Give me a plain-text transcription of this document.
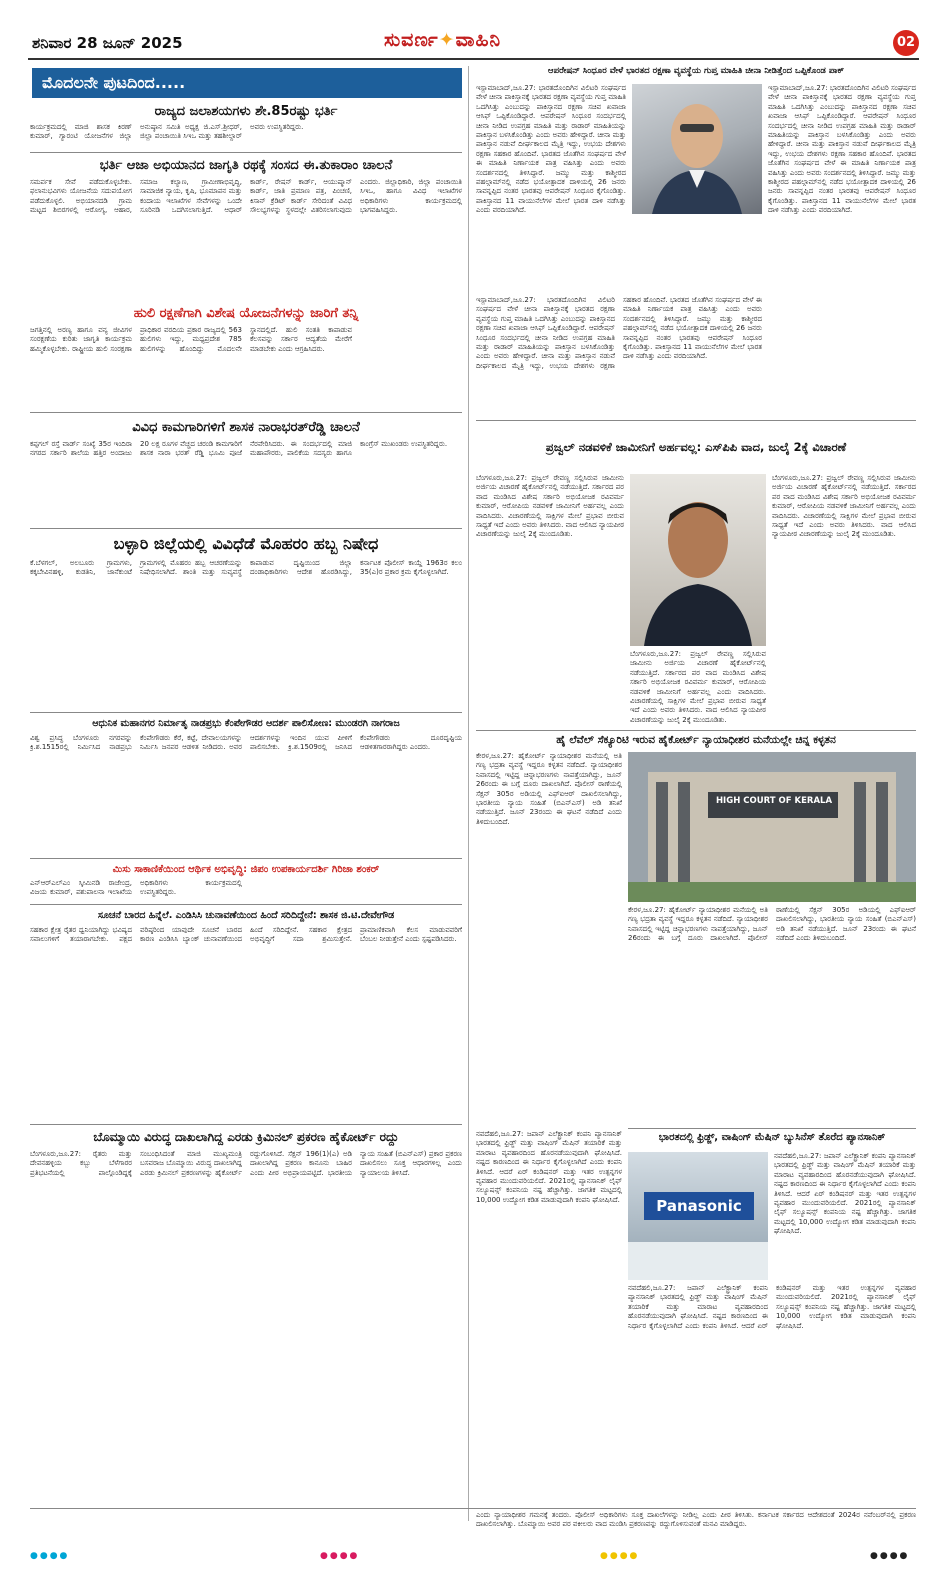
ಶನಿವಾರ 28 ಜೂನ್ 2025	ಸುವರ್ಣ✦ವಾಹಿನಿ	02
ಮೊದಲನೇ ಪುಟದಿಂದ.....
ರಾಜ್ಯದ ಜಲಾಶಯಗಳು ಶೇ.85ರಷ್ಟು ಭರ್ತಿ
ಕಾರ್ಯಕ್ರಮದಲ್ಲಿ ಮಾಜಿ ಶಾಸಕ ಕಿರಣ್ ಕುಮಾರ್, ಗ್ಯಾರಂಟಿ ಯೋಜನೆಗಳ ಜಿಲ್ಲಾ ಅನುಷ್ಠಾನ ಸಮಿತಿ ಅಧ್ಯಕ್ಷ ಜಿ.ಎಸ್.ಶ್ರೀಧರ್, ಜಿಲ್ಲಾ ಪಂಚಾಯಿತಿ ಸಿಇಒ ಮತ್ತು ತಹಶೀಲ್ದಾರ್ ಅವರು ಉಪಸ್ಥಿತರಿದ್ದರು.
ಭರ್ತಿ ಆಜಾ ಅಭಿಯಾನದ ಜಾಗೃತಿ ರಥಕ್ಕೆ ಸಂಸದ ಈ.ತುಕಾರಾಂ ಚಾಲನೆ
ಸಮರ್ಪಕ ಸೇವೆ ಪಡೆದುಕೊಳ್ಳಬೇಕು. ಫಲಾನುಭವಿಗಳು ಯೋಜನೆಯ ಸದುಪಯೋಗ ಪಡೆದುಕೊಳ್ಳಲಿ. ಅಭಿಯಾನದಡಿ ಗ್ರಾಮ ಮಟ್ಟದ ಶಿಬಿರಗಳಲ್ಲಿ ಆರೋಗ್ಯ, ಆಹಾರ, ಸಮಾಜ ಕಲ್ಯಾಣ, ಗ್ರಾಮೀಣಾಭಿವೃದ್ಧಿ, ಸಾಮಾಜಿಕ ನ್ಯಾಯ, ಕೃಷಿ, ಭೂಮಾಪನ ಮತ್ತು ಕಂದಾಯ ಇಲಾಖೆಗಳ ಸೇವೆಗಳನ್ನು ಒಂದೇ ಸೂರಿನಡಿ ಒದಗಿಸಲಾಗುತ್ತಿದೆ. ಆಧಾರ್ ಕಾರ್ಡ್, ರೇಷನ್ ಕಾರ್ಡ್, ಆಯುಷ್ಮಾನ್ ಕಾರ್ಡ್, ಜಾತಿ ಪ್ರಮಾಣ ಪತ್ರ, ಪಿಂಚಣಿ, ಕಿಸಾನ್ ಕ್ರೆಡಿಟ್ ಕಾರ್ಡ್ ಸೇರಿದಂತೆ ವಿವಿಧ ಸೌಲಭ್ಯಗಳನ್ನು ಸ್ಥಳದಲ್ಲೇ ವಿತರಿಸಲಾಗುವುದು ಎಂದರು. ಜಿಲ್ಲಾಧಿಕಾರಿ, ಜಿಲ್ಲಾ ಪಂಚಾಯಿತಿ ಸಿಇಒ, ಹಾಗೂ ವಿವಿಧ ಇಲಾಖೆಗಳ ಅಧಿಕಾರಿಗಳು ಕಾರ್ಯಕ್ರಮದಲ್ಲಿ ಭಾಗವಹಿಸಿದ್ದರು.
ಹುಲಿ ರಕ್ಷಣೆಗಾಗಿ ವಿಶೇಷ ಯೋಜನೆಗಳನ್ನು ಜಾರಿಗೆ ತನ್ನಿ
ಜಗತ್ತಿನಲ್ಲಿ ಅರಣ್ಯ ಹಾಗೂ ವನ್ಯ ಜೀವಿಗಳ ಸಂರಕ್ಷಣೆಯ ಕುರಿತು ಜಾಗೃತಿ ಕಾರ್ಯಕ್ರಮ ಹಮ್ಮಿಕೊಳ್ಳಬೇಕು. ರಾಷ್ಟ್ರೀಯ ಹುಲಿ ಸಂರಕ್ಷಣಾ ಪ್ರಾಧಿಕಾರ ವರದಿಯ ಪ್ರಕಾರ ರಾಜ್ಯದಲ್ಲಿ 563 ಹುಲಿಗಳು ಇದ್ದು, ಮಧ್ಯಪ್ರದೇಶ 785 ಹುಲಿಗಳನ್ನು ಹೊಂದಿದ್ದು ಮೊದಲನೇ ಸ್ಥಾನದಲ್ಲಿದೆ. ಹುಲಿ ಸಂತತಿ ಕಾಪಾಡುವ ಕೆಲಸವನ್ನು ಸರ್ಕಾರ ಆದ್ಯತೆಯ ಮೇರೆಗೆ ಮಾಡಬೇಕು ಎಂದು ಆಗ್ರಹಿಸಿದರು.
ವಿವಿಧ ಕಾಮಗಾರಿಗಳಿಗೆ ಶಾಸಕ ನಾರಾಭರತ್‌ರೆಡ್ಡಿ ಚಾಲನೆ
ಕಪ್ಪಗಲ್ ರಸ್ತೆ ವಾರ್ಡ್ ಸಂಖ್ಯೆ 35ರ ಇಂದಿರಾ ನಗರದ ಸರ್ಕಾರಿ ಶಾಲೆಯ ಹತ್ತಿರ ಅಂದಾಜು 20 ಲಕ್ಷ ರೂಗಳ ವೆಚ್ಚದ ಚರಂಡಿ ಕಾಮಗಾರಿಗೆ ಶಾಸಕ ನಾರಾ ಭರತ್ ರೆಡ್ಡಿ ಭೂಮಿ ಪೂಜೆ ನೆರವೇರಿಸಿದರು. ಈ ಸಂದರ್ಭದಲ್ಲಿ ಮಾಜಿ ಮಹಾಪೌರರು, ಪಾಲಿಕೆಯ ಸದಸ್ಯರು ಹಾಗೂ ಕಾಂಗ್ರೆಸ್ ಮುಖಂಡರು ಉಪಸ್ಥಿತರಿದ್ದರು.
ಬಳ್ಳಾರಿ ಜಿಲ್ಲೆಯಲ್ಲಿ ವಿವಿಧೆಡೆ ಮೊಹರಂ ಹಬ್ಬ ನಿಷೇಧ
ಕೆ.ಬೆಳಗಲ್, ಅಲಬೂರು ಗ್ರಾಮಗಳು, ಕಕ್ಕಬೇವಿನಹಳ್ಳಿ, ಕುಡತಿನಿ, ಜಾನೆಕುಂಟೆ ಗ್ರಾಮಗಳಲ್ಲಿ ಮೊಹರಂ ಹಬ್ಬ ಆಚರಣೆಯನ್ನು ನಿಷೇಧಿಸಲಾಗಿದೆ. ಶಾಂತಿ ಮತ್ತು ಸುವ್ಯವಸ್ಥೆ ಕಾಪಾಡುವ ದೃಷ್ಟಿಯಿಂದ ಜಿಲ್ಲಾ ದಂಡಾಧಿಕಾರಿಗಳು ಆದೇಶ ಹೊರಡಿಸಿದ್ದು, ಕರ್ನಾಟಕ ಪೊಲೀಸ್ ಕಾಯ್ದೆ 1963ರ ಕಲಂ 35(ಎ)ರ ಪ್ರಕಾರ ಕ್ರಮ ಕೈಗೊಳ್ಳಲಾಗಿದೆ.
ಆಧುನಿಕ ಮಹಾನಗರ ನಿರ್ಮಾತೃ ನಾಡಪ್ರಭು ಕೆಂಪೇಗೌಡರ ಆದರ್ಶ ಪಾಲಿಸೋಣ: ಮುಂಡರಗಿ ನಾಗರಾಜ
ವಿಶ್ವ ಪ್ರಸಿದ್ಧ ಬೆಂಗಳೂರು ನಗರವನ್ನು ಕ್ರಿ.ಶ.1515ರಲ್ಲಿ ನಿರ್ಮಿಸಿದ ನಾಡಪ್ರಭು ಕೆಂಪೇಗೌಡರು ಕೆರೆ, ಕಟ್ಟೆ, ದೇವಾಲಯಗಳನ್ನು ನಿರ್ಮಿಸಿ ಜನಪರ ಆಡಳಿತ ನೀಡಿದರು. ಅವರ ಆದರ್ಶಗಳನ್ನು ಇಂದಿನ ಯುವ ಪೀಳಿಗೆ ಪಾಲಿಸಬೇಕು. ಕ್ರಿ.ಶ.1509ರಲ್ಲಿ ಜನಿಸಿದ ಕೆಂಪೇಗೌಡರು ದೂರದೃಷ್ಟಿಯ ಆಡಳಿತಗಾರರಾಗಿದ್ದರು ಎಂದರು.
ಮಿಸು ಸಾಕಾಣಿಕೆಯಿಂದ ಆರ್ಥಿಕ ಅಭಿವೃದ್ಧಿ: ಜಿಪಂ ಉಪಕಾರ್ಯದರ್ಶಿ ಗಿರಿಜಾ ಶಂಕರ್
ಎನ್‌ಆರ್‌ಎಲ್‌ಎಂ ಸ್ಕೀಮಿನಡಿ ರಾಜೇಂದ್ರ, ವಿಜಯ ಕುಮಾರ್, ಪಶುಪಾಲನಾ ಇಲಾಖೆಯ ಅಧಿಕಾರಿಗಳು ಕಾರ್ಯಕ್ರಮದಲ್ಲಿ ಉಪಸ್ಥಿತರಿದ್ದರು.
ಸೂಚನೆ ಬಾರದ ಹಿನ್ನೆಲೆ. ಎಂಡಿಸಿಸಿ ಚುನಾವಣೆಯಿಂದ ಹಿಂದೆ ಸರಿದಿದ್ದೇನೆ: ಶಾಸಕ ಜಿ.ಟಿ.ದೇವೇಗೌಡ
ಸಹಕಾರ ಕ್ಷೇತ್ರ ರೈತರ ಧ್ವನಿಯಾಗಿದ್ದು ಭವಿಷ್ಯದ ಸವಾಲುಗಳಿಗೆ ತಯಾರಾಗಬೇಕು. ಪಕ್ಷದ ವರಿಷ್ಠರಿಂದ ಯಾವುದೇ ಸೂಚನೆ ಬಾರದ ಕಾರಣ ಎಂಡಿಸಿಸಿ ಬ್ಯಾಂಕ್ ಚುನಾವಣೆಯಿಂದ ಹಿಂದೆ ಸರಿದಿದ್ದೇನೆ. ಸಹಕಾರ ಕ್ಷೇತ್ರದ ಅಭಿವೃದ್ಧಿಗೆ ಸದಾ ಶ್ರಮಿಸುತ್ತೇನೆ. ಪ್ರಾಮಾಣಿಕವಾಗಿ ಕೆಲಸ ಮಾಡುವವರಿಗೆ ಬೆಂಬಲ ನೀಡುತ್ತೇನೆ ಎಂದು ಸ್ಪಷ್ಟಪಡಿಸಿದರು.
ಬೊಮ್ಮಾಯಿ ವಿರುದ್ಧ ದಾಖಲಾಗಿದ್ದ ಎರಡು ಕ್ರಿಮಿನಲ್ ಪ್ರಕರಣ ಹೈಕೋರ್ಟ್ ರದ್ದು
ಬೆಂಗಳೂರು,ಜೂ.27: ರೈತರು ಮತ್ತು ದೇವನಹಳ್ಳಿಯ ಕಬ್ಬು ಬೆಳೆಗಾರರ ಪ್ರತಿಭಟನೆಯಲ್ಲಿ ಪಾಲ್ಗೊಂಡಿದ್ದಕ್ಕೆ ಸಂಬಂಧಿಸಿದಂತೆ ಮಾಜಿ ಮುಖ್ಯಮಂತ್ರಿ ಬಸವರಾಜ ಬೊಮ್ಮಾಯಿ ವಿರುದ್ಧ ದಾಖಲಾಗಿದ್ದ ಎರಡು ಕ್ರಿಮಿನಲ್ ಪ್ರಕರಣಗಳನ್ನು ಹೈಕೋರ್ಟ್ ರದ್ದುಗೊಳಿಸಿದೆ. ಸೆಕ್ಷನ್ 196(1)(ಎ) ಅಡಿ ದಾಖಲಾಗಿದ್ದ ಪ್ರಕರಣ ಕಾನೂನು ಬಾಹಿರ ಎಂದು ಪೀಠ ಅಭಿಪ್ರಾಯಪಟ್ಟಿದೆ. ಭಾರತೀಯ ನ್ಯಾಯ ಸಂಹಿತೆ (ಬಿಎನ್‌ಎಸ್) ಪ್ರಕಾರ ಪ್ರಕರಣ ದಾಖಲಿಸಲು ಸೂಕ್ತ ಆಧಾರಗಳಿಲ್ಲ ಎಂದು ನ್ಯಾಯಾಲಯ ತಿಳಿಸಿದೆ.
ಆಪರೇಷನ್ ಸಿಂಧೂರ ವೇಳೆ ಭಾರತದ ರಕ್ಷಣಾ ವ್ಯವಸ್ಥೆಯ ಗುಪ್ತ ಮಾಹಿತಿ ಚೀನಾ ನೀಡಿತ್ತೆಂದ ಒಪ್ಪಿಕೊಂಡ ಪಾಕ್
ಇಸ್ಲಾಮಾಬಾದ್,ಜೂ.27: ಭಾರತದೊಂದಿಗಿನ ವಿಲಿಟರಿ ಸಂಘರ್ಷದ ವೇಳೆ ಚೀನಾ ಪಾಕಿಸ್ತಾನಕ್ಕೆ ಭಾರತದ ರಕ್ಷಣಾ ವ್ಯವಸ್ಥೆಯ ಗುಪ್ತ ಮಾಹಿತಿ ಒದಗಿಸಿತ್ತು ಎಂಬುದನ್ನು ಪಾಕಿಸ್ತಾನದ ರಕ್ಷಣಾ ಸಚಿವ ಖವಾಜಾ ಆಸಿಫ್ ಒಪ್ಪಿಕೊಂಡಿದ್ದಾರೆ. ಆಪರೇಷನ್ ಸಿಂಧೂರ ಸಂದರ್ಭದಲ್ಲಿ ಚೀನಾ ನೀಡಿದ ಉಪಗ್ರಹ ಮಾಹಿತಿ ಮತ್ತು ರಾಡಾರ್ ಮಾಹಿತಿಯನ್ನು ಪಾಕಿಸ್ತಾನ ಬಳಸಿಕೊಂಡಿತ್ತು ಎಂದು ಅವರು ಹೇಳಿದ್ದಾರೆ. ಚೀನಾ ಮತ್ತು ಪಾಕಿಸ್ತಾನ ನಡುವೆ ದೀರ್ಘಕಾಲದ ಮೈತ್ರಿ ಇದ್ದು, ಉಭಯ ದೇಶಗಳು ರಕ್ಷಣಾ ಸಹಕಾರ ಹೊಂದಿವೆ. ಭಾರತದ ಜೊತೆಗಿನ ಸಂಘರ್ಷದ ವೇಳೆ ಈ ಮಾಹಿತಿ ನಿರ್ಣಾಯಕ ಪಾತ್ರ ವಹಿಸಿತ್ತು ಎಂದು ಅವರು ಸಂದರ್ಶನದಲ್ಲಿ ತಿಳಿಸಿದ್ದಾರೆ. ಜಮ್ಮು ಮತ್ತು ಕಾಶ್ಮೀರದ ಪಹಲ್ಗಾಮ್‌ನಲ್ಲಿ ನಡೆದ ಭಯೋತ್ಪಾದಕ ದಾಳಿಯಲ್ಲಿ 26 ಜನರು ಸಾವನ್ನಪ್ಪಿದ ನಂತರ ಭಾರತವು ಆಪರೇಷನ್ ಸಿಂಧೂರ ಕೈಗೊಂಡಿತ್ತು. ಪಾಕಿಸ್ತಾನದ 11 ವಾಯುನೆಲೆಗಳ ಮೇಲೆ ಭಾರತ ದಾಳಿ ನಡೆಸಿತ್ತು ಎಂದು ವರದಿಯಾಗಿದೆ.
ಇಸ್ಲಾಮಾಬಾದ್,ಜೂ.27: ಭಾರತದೊಂದಿಗಿನ ವಿಲಿಟರಿ ಸಂಘರ್ಷದ ವೇಳೆ ಚೀನಾ ಪಾಕಿಸ್ತಾನಕ್ಕೆ ಭಾರತದ ರಕ್ಷಣಾ ವ್ಯವಸ್ಥೆಯ ಗುಪ್ತ ಮಾಹಿತಿ ಒದಗಿಸಿತ್ತು ಎಂಬುದನ್ನು ಪಾಕಿಸ್ತಾನದ ರಕ್ಷಣಾ ಸಚಿವ ಖವಾಜಾ ಆಸಿಫ್ ಒಪ್ಪಿಕೊಂಡಿದ್ದಾರೆ. ಆಪರೇಷನ್ ಸಿಂಧೂರ ಸಂದರ್ಭದಲ್ಲಿ ಚೀನಾ ನೀಡಿದ ಉಪಗ್ರಹ ಮಾಹಿತಿ ಮತ್ತು ರಾಡಾರ್ ಮಾಹಿತಿಯನ್ನು ಪಾಕಿಸ್ತಾನ ಬಳಸಿಕೊಂಡಿತ್ತು ಎಂದು ಅವರು ಹೇಳಿದ್ದಾರೆ. ಚೀನಾ ಮತ್ತು ಪಾಕಿಸ್ತಾನ ನಡುವೆ ದೀರ್ಘಕಾಲದ ಮೈತ್ರಿ ಇದ್ದು, ಉಭಯ ದೇಶಗಳು ರಕ್ಷಣಾ ಸಹಕಾರ ಹೊಂದಿವೆ. ಭಾರತದ ಜೊತೆಗಿನ ಸಂಘರ್ಷದ ವೇಳೆ ಈ ಮಾಹಿತಿ ನಿರ್ಣಾಯಕ ಪಾತ್ರ ವಹಿಸಿತ್ತು ಎಂದು ಅವರು ಸಂದರ್ಶನದಲ್ಲಿ ತಿಳಿಸಿದ್ದಾರೆ. ಜಮ್ಮು ಮತ್ತು ಕಾಶ್ಮೀರದ ಪಹಲ್ಗಾಮ್‌ನಲ್ಲಿ ನಡೆದ ಭಯೋತ್ಪಾದಕ ದಾಳಿಯಲ್ಲಿ 26 ಜನರು ಸಾವನ್ನಪ್ಪಿದ ನಂತರ ಭಾರತವು ಆಪರೇಷನ್ ಸಿಂಧೂರ ಕೈಗೊಂಡಿತ್ತು. ಪಾಕಿಸ್ತಾನದ 11 ವಾಯುನೆಲೆಗಳ ಮೇಲೆ ಭಾರತ ದಾಳಿ ನಡೆಸಿತ್ತು ಎಂದು ವರದಿಯಾಗಿದೆ.
ಇಸ್ಲಾಮಾಬಾದ್,ಜೂ.27: ಭಾರತದೊಂದಿಗಿನ ವಿಲಿಟರಿ ಸಂಘರ್ಷದ ವೇಳೆ ಚೀನಾ ಪಾಕಿಸ್ತಾನಕ್ಕೆ ಭಾರತದ ರಕ್ಷಣಾ ವ್ಯವಸ್ಥೆಯ ಗುಪ್ತ ಮಾಹಿತಿ ಒದಗಿಸಿತ್ತು ಎಂಬುದನ್ನು ಪಾಕಿಸ್ತಾನದ ರಕ್ಷಣಾ ಸಚಿವ ಖವಾಜಾ ಆಸಿಫ್ ಒಪ್ಪಿಕೊಂಡಿದ್ದಾರೆ. ಆಪರೇಷನ್ ಸಿಂಧೂರ ಸಂದರ್ಭದಲ್ಲಿ ಚೀನಾ ನೀಡಿದ ಉಪಗ್ರಹ ಮಾಹಿತಿ ಮತ್ತು ರಾಡಾರ್ ಮಾಹಿತಿಯನ್ನು ಪಾಕಿಸ್ತಾನ ಬಳಸಿಕೊಂಡಿತ್ತು ಎಂದು ಅವರು ಹೇಳಿದ್ದಾರೆ. ಚೀನಾ ಮತ್ತು ಪಾಕಿಸ್ತಾನ ನಡುವೆ ದೀರ್ಘಕಾಲದ ಮೈತ್ರಿ ಇದ್ದು, ಉಭಯ ದೇಶಗಳು ರಕ್ಷಣಾ ಸಹಕಾರ ಹೊಂದಿವೆ. ಭಾರತದ ಜೊತೆಗಿನ ಸಂಘರ್ಷದ ವೇಳೆ ಈ ಮಾಹಿತಿ ನಿರ್ಣಾಯಕ ಪಾತ್ರ ವಹಿಸಿತ್ತು ಎಂದು ಅವರು ಸಂದರ್ಶನದಲ್ಲಿ ತಿಳಿಸಿದ್ದಾರೆ. ಜಮ್ಮು ಮತ್ತು ಕಾಶ್ಮೀರದ ಪಹಲ್ಗಾಮ್‌ನಲ್ಲಿ ನಡೆದ ಭಯೋತ್ಪಾದಕ ದಾಳಿಯಲ್ಲಿ 26 ಜನರು ಸಾವನ್ನಪ್ಪಿದ ನಂತರ ಭಾರತವು ಆಪರೇಷನ್ ಸಿಂಧೂರ ಕೈಗೊಂಡಿತ್ತು. ಪಾಕಿಸ್ತಾನದ 11 ವಾಯುನೆಲೆಗಳ ಮೇಲೆ ಭಾರತ ದಾಳಿ ನಡೆಸಿತ್ತು ಎಂದು ವರದಿಯಾಗಿದೆ.
ಪ್ರಜ್ವಲ್ ನಡವಳಿಕೆ ಜಾಮೀನಿಗೆ ಅರ್ಹವಲ್ಲ: ಎಸ್‌ಪಿಪಿ ವಾದ, ಜುಲೈ 2ಕ್ಕೆ ವಿಚಾರಣೆ
ಬೆಂಗಳೂರು,ಜೂ.27: ಪ್ರಜ್ವಲ್ ರೇವಣ್ಣ ಸಲ್ಲಿಸಿರುವ ಜಾಮೀನು ಅರ್ಜಿಯ ವಿಚಾರಣೆ ಹೈಕೋರ್ಟ್‌ನಲ್ಲಿ ನಡೆಯುತ್ತಿದೆ. ಸರ್ಕಾರದ ಪರ ವಾದ ಮಂಡಿಸಿದ ವಿಶೇಷ ಸರ್ಕಾರಿ ಅಭಿಯೋಜಕ ರವಿವರ್ಮ ಕುಮಾರ್, ಆರೋಪಿಯ ನಡವಳಿಕೆ ಜಾಮೀನಿಗೆ ಅರ್ಹವಲ್ಲ ಎಂದು ವಾದಿಸಿದರು. ವಿಚಾರಣೆಯಲ್ಲಿ ಸಾಕ್ಷಿಗಳ ಮೇಲೆ ಪ್ರಭಾವ ಬೀರುವ ಸಾಧ್ಯತೆ ಇದೆ ಎಂದು ಅವರು ತಿಳಿಸಿದರು. ವಾದ ಆಲಿಸಿದ ನ್ಯಾಯಪೀಠ ವಿಚಾರಣೆಯನ್ನು ಜುಲೈ 2ಕ್ಕೆ ಮುಂದೂಡಿತು.
ಬೆಂಗಳೂರು,ಜೂ.27: ಪ್ರಜ್ವಲ್ ರೇವಣ್ಣ ಸಲ್ಲಿಸಿರುವ ಜಾಮೀನು ಅರ್ಜಿಯ ವಿಚಾರಣೆ ಹೈಕೋರ್ಟ್‌ನಲ್ಲಿ ನಡೆಯುತ್ತಿದೆ. ಸರ್ಕಾರದ ಪರ ವಾದ ಮಂಡಿಸಿದ ವಿಶೇಷ ಸರ್ಕಾರಿ ಅಭಿಯೋಜಕ ರವಿವರ್ಮ ಕುಮಾರ್, ಆರೋಪಿಯ ನಡವಳಿಕೆ ಜಾಮೀನಿಗೆ ಅರ್ಹವಲ್ಲ ಎಂದು ವಾದಿಸಿದರು. ವಿಚಾರಣೆಯಲ್ಲಿ ಸಾಕ್ಷಿಗಳ ಮೇಲೆ ಪ್ರಭಾವ ಬೀರುವ ಸಾಧ್ಯತೆ ಇದೆ ಎಂದು ಅವರು ತಿಳಿಸಿದರು. ವಾದ ಆಲಿಸಿದ ನ್ಯಾಯಪೀಠ ವಿಚಾರಣೆಯನ್ನು ಜುಲೈ 2ಕ್ಕೆ ಮುಂದೂಡಿತು.
ಬೆಂಗಳೂರು,ಜೂ.27: ಪ್ರಜ್ವಲ್ ರೇವಣ್ಣ ಸಲ್ಲಿಸಿರುವ ಜಾಮೀನು ಅರ್ಜಿಯ ವಿಚಾರಣೆ ಹೈಕೋರ್ಟ್‌ನಲ್ಲಿ ನಡೆಯುತ್ತಿದೆ. ಸರ್ಕಾರದ ಪರ ವಾದ ಮಂಡಿಸಿದ ವಿಶೇಷ ಸರ್ಕಾರಿ ಅಭಿಯೋಜಕ ರವಿವರ್ಮ ಕುಮಾರ್, ಆರೋಪಿಯ ನಡವಳಿಕೆ ಜಾಮೀನಿಗೆ ಅರ್ಹವಲ್ಲ ಎಂದು ವಾದಿಸಿದರು. ವಿಚಾರಣೆಯಲ್ಲಿ ಸಾಕ್ಷಿಗಳ ಮೇಲೆ ಪ್ರಭಾವ ಬೀರುವ ಸಾಧ್ಯತೆ ಇದೆ ಎಂದು ಅವರು ತಿಳಿಸಿದರು. ವಾದ ಆಲಿಸಿದ ನ್ಯಾಯಪೀಠ ವಿಚಾರಣೆಯನ್ನು ಜುಲೈ 2ಕ್ಕೆ ಮುಂದೂಡಿತು.
ಹೈ ಲೆವೆಲ್ ಸೆಕ್ಯೂರಿಟಿ ಇರುವ ಹೈಕೋರ್ಟ್ ನ್ಯಾಯಾಧೀಶರ ಮನೆಯಲ್ಲೇ ಚಿನ್ನ ಕಳ್ಳತನ
HIGH COURT OF KERALA
ಕೇರಳ,ಜೂ.27: ಹೈಕೋರ್ಟ್ ನ್ಯಾಯಾಧೀಶರ ಮನೆಯಲ್ಲಿ ಅತಿ ಗಣ್ಯ ಭದ್ರತಾ ವ್ಯವಸ್ಥೆ ಇದ್ದರೂ ಕಳ್ಳತನ ನಡೆದಿದೆ. ನ್ಯಾಯಾಧೀಶರ ನಿವಾಸದಲ್ಲಿ ಇಟ್ಟಿದ್ದ ಚಿನ್ನಾಭರಣಗಳು ನಾಪತ್ತೆಯಾಗಿದ್ದು, ಜೂನ್ 26ರಂದು ಈ ಬಗ್ಗೆ ದೂರು ದಾಖಲಾಗಿದೆ. ಪೊಲೀಸ್ ಠಾಣೆಯಲ್ಲಿ ಸೆಕ್ಷನ್ 305ರ ಅಡಿಯಲ್ಲಿ ಎಫ್‌ಐಆರ್ ದಾಖಲಿಸಲಾಗಿದ್ದು, ಭಾರತೀಯ ನ್ಯಾಯ ಸಂಹಿತೆ (ಬಿಎನ್‌ಎಸ್) ಅಡಿ ತನಿಖೆ ನಡೆಯುತ್ತಿದೆ. ಜೂನ್ 23ರಂದು ಈ ಘಟನೆ ನಡೆದಿದೆ ಎಂದು ತಿಳಿದುಬಂದಿದೆ.
ಕೇರಳ,ಜೂ.27: ಹೈಕೋರ್ಟ್ ನ್ಯಾಯಾಧೀಶರ ಮನೆಯಲ್ಲಿ ಅತಿ ಗಣ್ಯ ಭದ್ರತಾ ವ್ಯವಸ್ಥೆ ಇದ್ದರೂ ಕಳ್ಳತನ ನಡೆದಿದೆ. ನ್ಯಾಯಾಧೀಶರ ನಿವಾಸದಲ್ಲಿ ಇಟ್ಟಿದ್ದ ಚಿನ್ನಾಭರಣಗಳು ನಾಪತ್ತೆಯಾಗಿದ್ದು, ಜೂನ್ 26ರಂದು ಈ ಬಗ್ಗೆ ದೂರು ದಾಖಲಾಗಿದೆ. ಪೊಲೀಸ್ ಠಾಣೆಯಲ್ಲಿ ಸೆಕ್ಷನ್ 305ರ ಅಡಿಯಲ್ಲಿ ಎಫ್‌ಐಆರ್ ದಾಖಲಿಸಲಾಗಿದ್ದು, ಭಾರತೀಯ ನ್ಯಾಯ ಸಂಹಿತೆ (ಬಿಎನ್‌ಎಸ್) ಅಡಿ ತನಿಖೆ ನಡೆಯುತ್ತಿದೆ. ಜೂನ್ 23ರಂದು ಈ ಘಟನೆ ನಡೆದಿದೆ ಎಂದು ತಿಳಿದುಬಂದಿದೆ.
ಭಾರತದಲ್ಲಿ ಫ್ರಿಡ್ಜ್, ವಾಷಿಂಗ್ ಮೆಷಿನ್ ಬ್ಯುಸಿನೆಸ್ ತೊರೆದ ಪ್ಯಾನಸಾನಿಕ್
Panasonic
ನವದೆಹಲಿ,ಜೂ.27: ಜಪಾನ್ ಎಲೆಕ್ಟ್ರಾನಿಕ್ ಕಂಪನಿ ಪ್ಯಾನಸಾನಿಕ್ ಭಾರತದಲ್ಲಿ ಫ್ರಿಡ್ಜ್ ಮತ್ತು ವಾಷಿಂಗ್ ಮೆಷಿನ್ ತಯಾರಿಕೆ ಮತ್ತು ಮಾರಾಟ ವ್ಯವಹಾರದಿಂದ ಹೊರನಡೆಯುವುದಾಗಿ ಘೋಷಿಸಿದೆ. ನಷ್ಟದ ಕಾರಣದಿಂದ ಈ ನಿರ್ಧಾರ ಕೈಗೊಳ್ಳಲಾಗಿದೆ ಎಂದು ಕಂಪನಿ ತಿಳಿಸಿದೆ. ಆದರೆ ಏರ್ ಕಂಡಿಷನರ್ ಮತ್ತು ಇತರ ಉತ್ಪನ್ನಗಳ ವ್ಯವಹಾರ ಮುಂದುವರಿಯಲಿದೆ. 2021ರಲ್ಲಿ ಪ್ಯಾನಸಾನಿಕ್ ಲೈಫ್ ಸಲ್ಯೂಷನ್ಸ್ ಕಂಪನಿಯ ನಷ್ಟ ಹೆಚ್ಚಾಗಿತ್ತು. ಜಾಗತಿಕ ಮಟ್ಟದಲ್ಲಿ 10,000 ಉದ್ಯೋಗ ಕಡಿತ ಮಾಡುವುದಾಗಿ ಕಂಪನಿ ಘೋಷಿಸಿದೆ.
ನವದೆಹಲಿ,ಜೂ.27: ಜಪಾನ್ ಎಲೆಕ್ಟ್ರಾನಿಕ್ ಕಂಪನಿ ಪ್ಯಾನಸಾನಿಕ್ ಭಾರತದಲ್ಲಿ ಫ್ರಿಡ್ಜ್ ಮತ್ತು ವಾಷಿಂಗ್ ಮೆಷಿನ್ ತಯಾರಿಕೆ ಮತ್ತು ಮಾರಾಟ ವ್ಯವಹಾರದಿಂದ ಹೊರನಡೆಯುವುದಾಗಿ ಘೋಷಿಸಿದೆ. ನಷ್ಟದ ಕಾರಣದಿಂದ ಈ ನಿರ್ಧಾರ ಕೈಗೊಳ್ಳಲಾಗಿದೆ ಎಂದು ಕಂಪನಿ ತಿಳಿಸಿದೆ. ಆದರೆ ಏರ್ ಕಂಡಿಷನರ್ ಮತ್ತು ಇತರ ಉತ್ಪನ್ನಗಳ ವ್ಯವಹಾರ ಮುಂದುವರಿಯಲಿದೆ. 2021ರಲ್ಲಿ ಪ್ಯಾನಸಾನಿಕ್ ಲೈಫ್ ಸಲ್ಯೂಷನ್ಸ್ ಕಂಪನಿಯ ನಷ್ಟ ಹೆಚ್ಚಾಗಿತ್ತು. ಜಾಗತಿಕ ಮಟ್ಟದಲ್ಲಿ 10,000 ಉದ್ಯೋಗ ಕಡಿತ ಮಾಡುವುದಾಗಿ ಕಂಪನಿ ಘೋಷಿಸಿದೆ.
ನವದೆಹಲಿ,ಜೂ.27: ಜಪಾನ್ ಎಲೆಕ್ಟ್ರಾನಿಕ್ ಕಂಪನಿ ಪ್ಯಾನಸಾನಿಕ್ ಭಾರತದಲ್ಲಿ ಫ್ರಿಡ್ಜ್ ಮತ್ತು ವಾಷಿಂಗ್ ಮೆಷಿನ್ ತಯಾರಿಕೆ ಮತ್ತು ಮಾರಾಟ ವ್ಯವಹಾರದಿಂದ ಹೊರನಡೆಯುವುದಾಗಿ ಘೋಷಿಸಿದೆ. ನಷ್ಟದ ಕಾರಣದಿಂದ ಈ ನಿರ್ಧಾರ ಕೈಗೊಳ್ಳಲಾಗಿದೆ ಎಂದು ಕಂಪನಿ ತಿಳಿಸಿದೆ. ಆದರೆ ಏರ್ ಕಂಡಿಷನರ್ ಮತ್ತು ಇತರ ಉತ್ಪನ್ನಗಳ ವ್ಯವಹಾರ ಮುಂದುವರಿಯಲಿದೆ. 2021ರಲ್ಲಿ ಪ್ಯಾನಸಾನಿಕ್ ಲೈಫ್ ಸಲ್ಯೂಷನ್ಸ್ ಕಂಪನಿಯ ನಷ್ಟ ಹೆಚ್ಚಾಗಿತ್ತು. ಜಾಗತಿಕ ಮಟ್ಟದಲ್ಲಿ 10,000 ಉದ್ಯೋಗ ಕಡಿತ ಮಾಡುವುದಾಗಿ ಕಂಪನಿ ಘೋಷಿಸಿದೆ.
ಎಂದು ನ್ಯಾಯಾಧೀಶರ ಗಮನಕ್ಕೆ ತಂದರು. ಪೊಲೀಸ್ ಅಧಿಕಾರಿಗಳು ಸೂಕ್ತ ದಾಖಲೆಗಳನ್ನು ನೀಡಿಲ್ಲ ಎಂದು ಪೀಠ ತಿಳಿಸಿತು. ಕರ್ನಾಟಕ ಸರ್ಕಾರದ ಆದೇಶದಂತೆ 2024ರ ನವೆಂಬರ್‌ನಲ್ಲಿ ಪ್ರಕರಣ ದಾಖಲಿಸಲಾಗಿತ್ತು. ಬೊಮ್ಮಾಯಿ ಅವರ ಪರ ವಕೀಲರು ವಾದ ಮಂಡಿಸಿ ಪ್ರಕರಣವನ್ನು ರದ್ದುಗೊಳಿಸುವಂತೆ ಮನವಿ ಮಾಡಿದ್ದರು.
●●●●	●●●●	●●●●	●●●●
